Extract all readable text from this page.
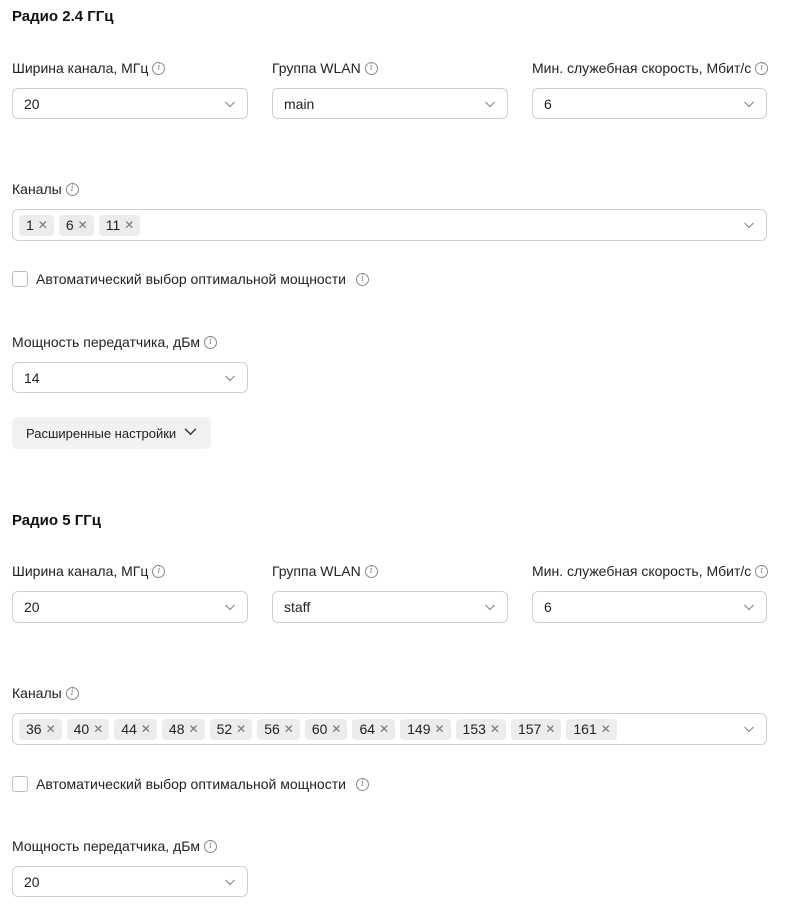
Радио 2.4 ГГц
Ширина канала, МГц	i
20
Группа WLAN	i
main
Мин. служебная скорость, Мбит/с	i
6
Каналы	i
1 ✕ 6 ✕ 11 ✕
Автоматический выбор оптимальной мощности	i
Мощность передатчика, дБм	i
14
Расширенные настройки
Радио 5 ГГц
Ширина канала, МГц	i
20
Группа WLAN	i
staff
Мин. служебная скорость, Мбит/с	i
6
Каналы	i
36 ✕ 40 ✕ 44 ✕ 48 ✕ 52 ✕ 56 ✕ 60 ✕ 64 ✕ 149 ✕ 153 ✕ 157 ✕ 161 ✕
Автоматический выбор оптимальной мощности	i
Мощность передатчика, дБм	i
20
